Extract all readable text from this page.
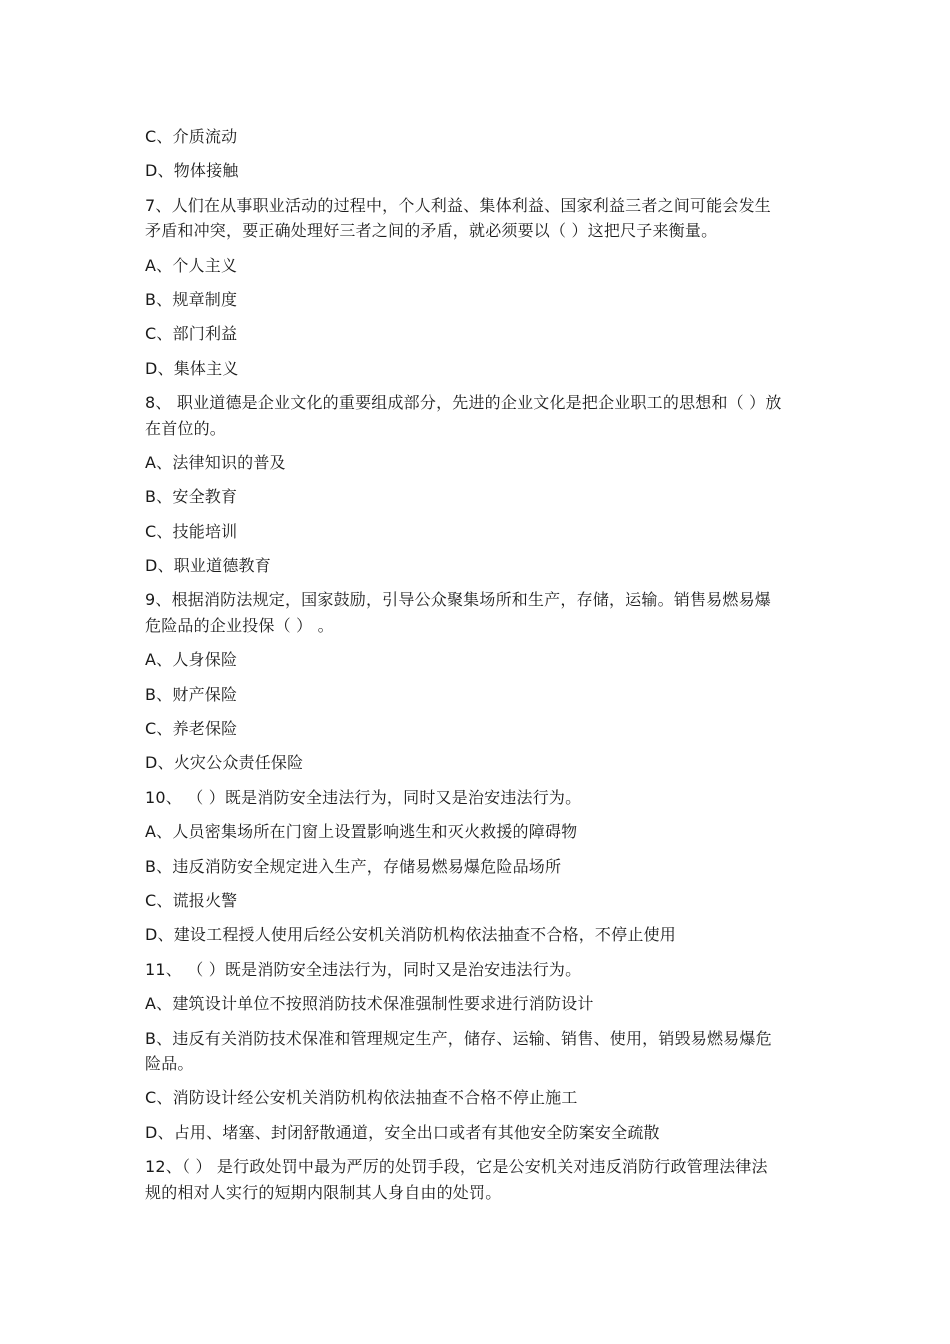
C、介质流动
D、物体接触
7、人们在从事职业活动的过程中，个人利益、集体利益、国家利益三者之间可能会发生
矛盾和冲突，要正确处理好三者之间的矛盾，就必须要以（ ）这把尺子来衡量。
A、个人主义
B、规章制度
C、部门利益
D、集体主义
8、 职业道德是企业文化的重要组成部分，先进的企业文化是把企业职工的思想和（ ）放
在首位的。
A、法律知识的普及
B、安全教育
C、技能培训
D、职业道德教育
9、根据消防法规定，国家鼓励，引导公众聚集场所和生产，存储，运输。销售易燃易爆
危险品的企业投保（ ） 。
A、人身保险
B、财产保险
C、养老保险
D、火灾公众责任保险
10、 （ ）既是消防安全违法行为，同时又是治安违法行为。
A、人员密集场所在门窗上设置影响逃生和灭火救援的障碍物
B、违反消防安全规定进入生产，存储易燃易爆危险品场所
C、谎报火警
D、建设工程授人使用后经公安机关消防机构依法抽查不合格，不停止使用
11、 （ ）既是消防安全违法行为，同时又是治安违法行为。
A、建筑设计单位不按照消防技术保准强制性要求进行消防设计
B、违反有关消防技术保准和管理规定生产，储存、运输、销售、使用，销毁易燃易爆危
险品。
C、消防设计经公安机关消防机构依法抽查不合格不停止施工
D、占用、堵塞、封闭舒散通道，安全出口或者有其他安全防案安全疏散
12、（ ） 是行政处罚中最为严厉的处罚手段，它是公安机关对违反消防行政管理法律法
规的相对人实行的短期内限制其人身自由的处罚。
